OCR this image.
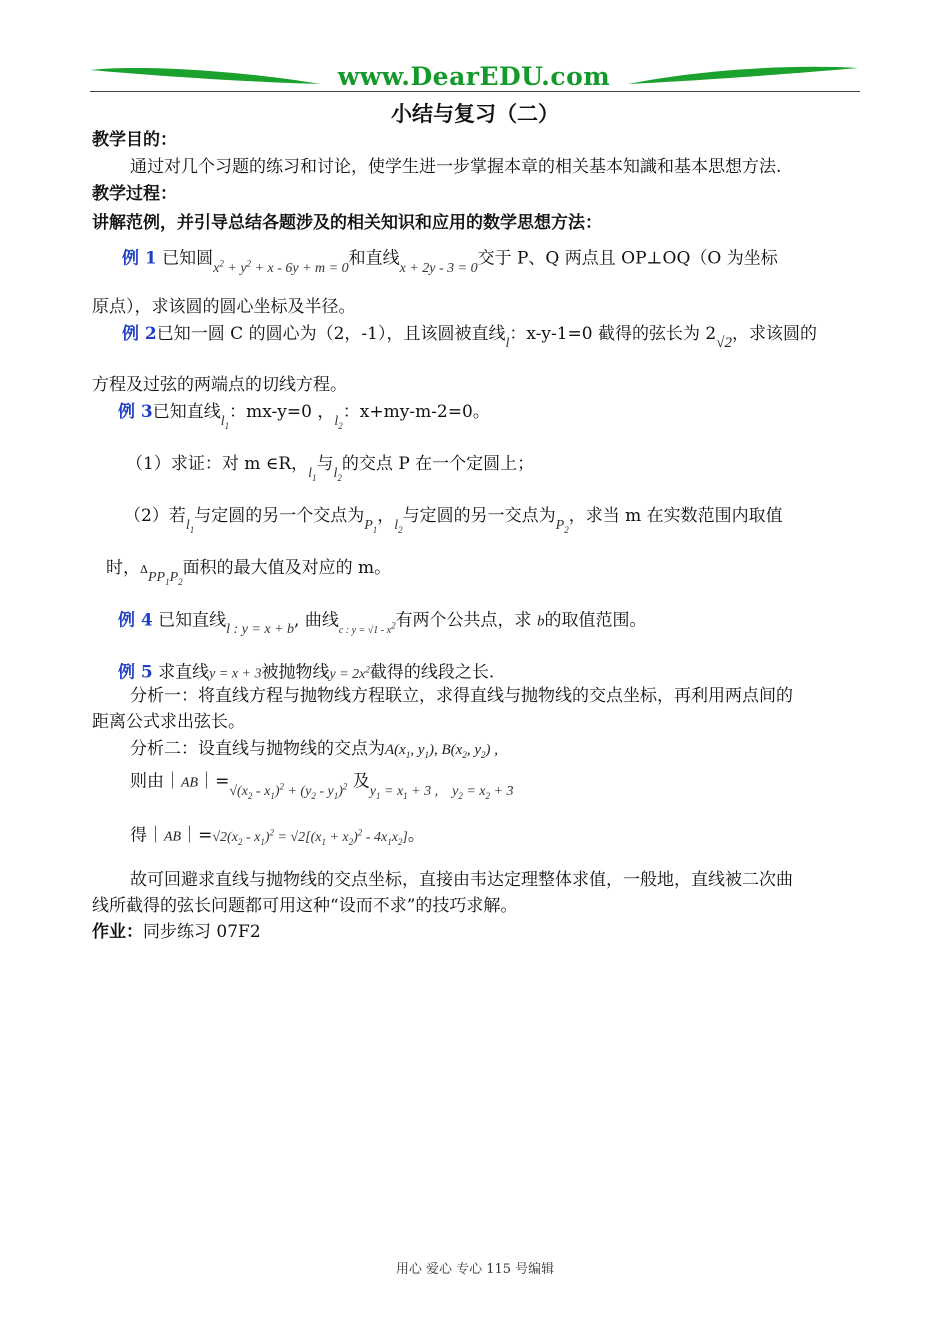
www.DearEDU.com
小结与复习（二）
教学目的：
通过对几个习题的练习和讨论，使学生进一步掌握本章的相关基本知識和基本思想方法.
教学过程：
讲解范例，并引导总结各题涉及的相关知识和应用的数学思想方法：
例 1 已知圆$_{x^2 + y^2 + x - 6y + m = 0}$和直线$_{x + 2y - 3 = 0}$交于 P、Q 两点且 OP⊥OQ（O 为坐标
原点），求该圆的圆心坐标及半径。
例 2已知一圆 C 的圆心为（2，-1），且该圆被直线$_l$：x-y-1=0 截得的弦长为 2√2，求该圆的
方程及过弦的两端点的切线方程。
例 3已知直线$_{l_1}$：mx-y=0 ，$_{l_2}$：x+my-m-2=0。
（1）求证：对 m ∈R，$_{l_1}$与$_{l_2}$的交点 P 在一个定圆上；
（2）若$_{l_1}$与定圆的另一个交点为$_{P_1}$，$_{l_2}$与定圆的另一交点为$_{P_2}$，求当 m 在实数范围内取值
时，$\Delta_{PP_1P_2}$面积的最大值及对应的 m。
例 4 已知直线$_{l : y = x + b}$, 曲线$_{c : y = √1 - x2}$有两个公共点，求 b的取值范围。
例 5 求直线y = x + 3被抛物线$y = 2x^2$截得的线段之长.
分析一：将直线方程与抛物线方程联立，求得直线与抛物线的交点坐标，再利用两点间的
距离公式求出弦长。
分析二：设直线与抛物线的交点为$A(x_1$, $y_1$), $B(x_2$, $y_2$) ,
则由$|AB|=_{√(x_2 - x_1)^2 + (y_2 - y_1)^2}$ 及$_{y_1 = x_1 + 3 , y_2 = x_2 + 3}$
得$|AB|=√2(x_2 - x_1)^2 = √2[(x_1 + x_2)^2 - 4x_1x_2]$。
故可回避求直线与抛物线的交点坐标，直接由韦达定理整体求值，一般地，直线被二次曲
线所截得的弦长问题都可用这种“设而不求”的技巧求解。
作业：同步练习 07F2
用心 爱心 专心 115 号编辑
